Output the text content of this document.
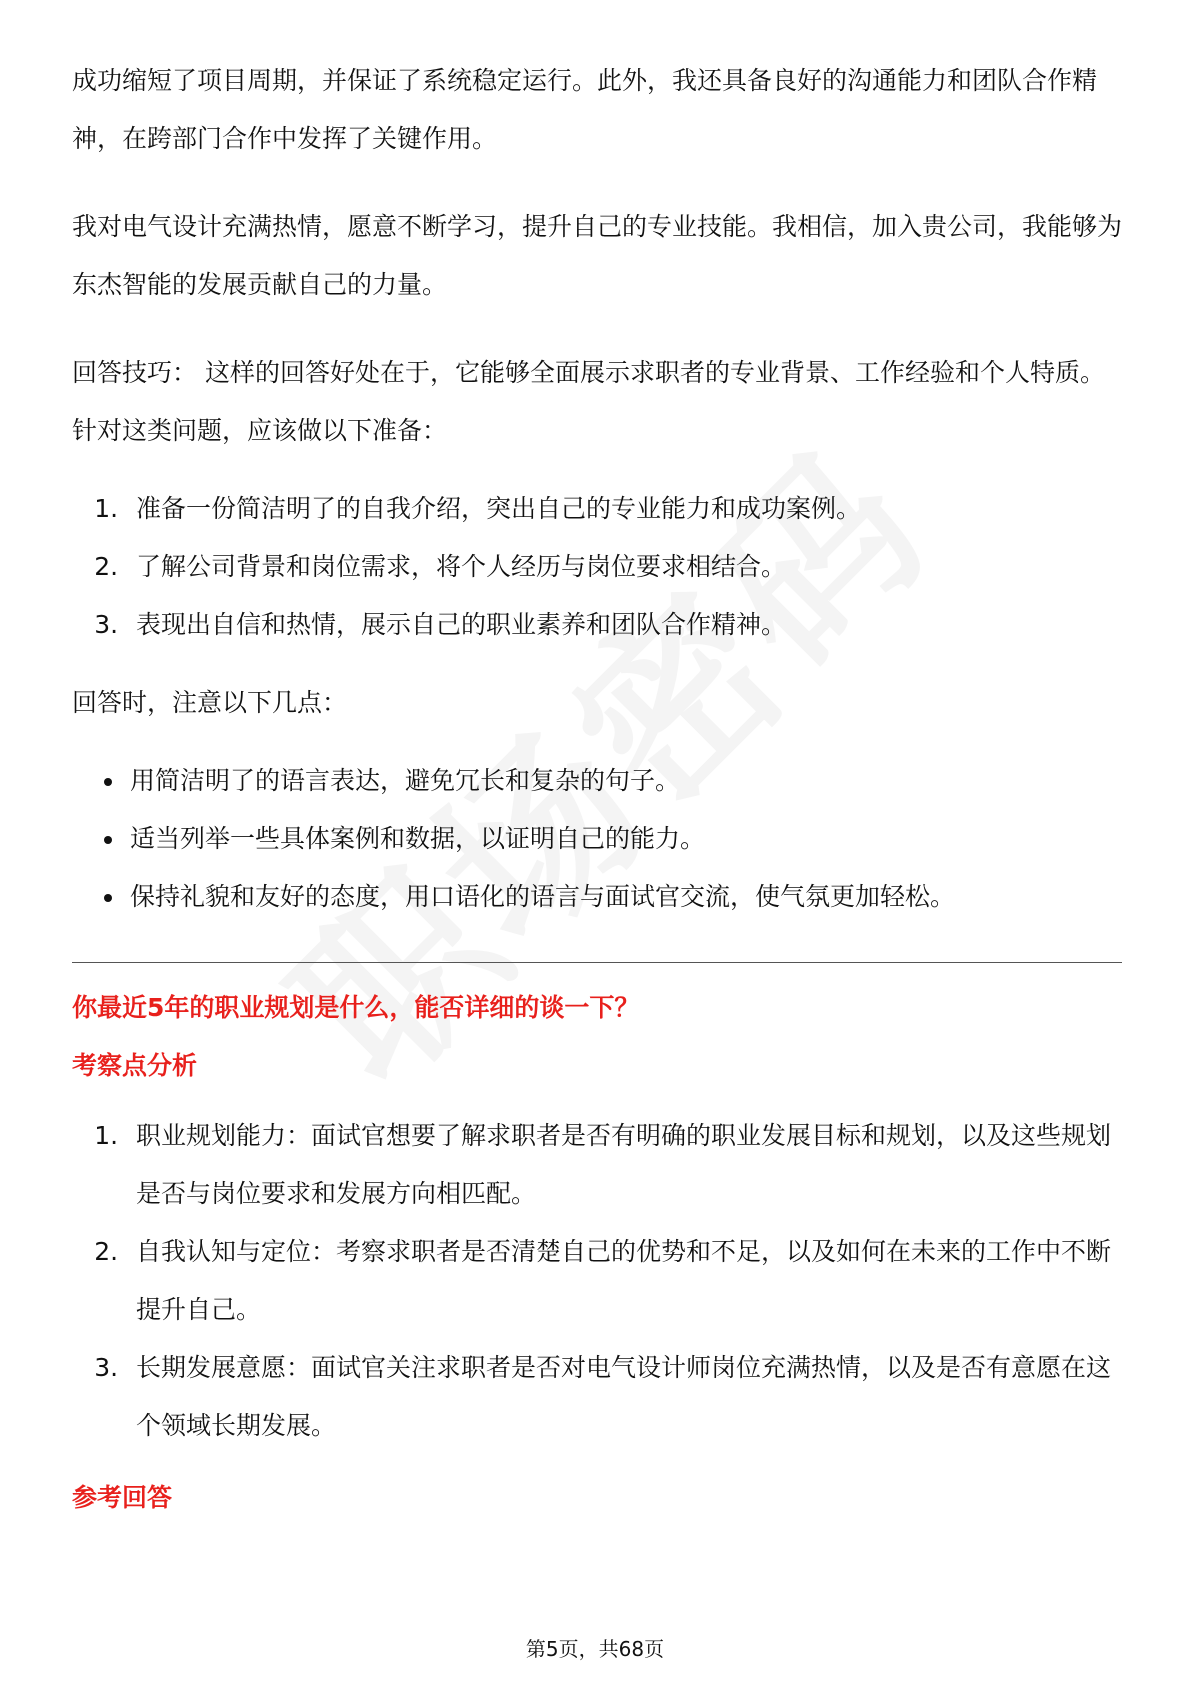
成功缩短了项目周期，并保证了系统稳定运行。此外，我还具备良好的沟通能力和团队合作精神，在跨部门合作中发挥了关键作用。

我对电气设计充满热情，愿意不断学习，提升自己的专业技能。我相信，加入贵公司，我能够为东杰智能的发展贡献自己的力量。

回答技巧： 这样的回答好处在于，它能够全面展示求职者的专业背景、工作经验和个人特质。针对这类问题，应该做以下准备：

1. 准备一份简洁明了的自我介绍，突出自己的专业能力和成功案例。
2. 了解公司背景和岗位需求，将个人经历与岗位要求相结合。
3. 表现出自信和热情，展示自己的职业素养和团队合作精神。

回答时，注意以下几点：

• 用简洁明了的语言表达，避免冗长和复杂的句子。
• 适当列举一些具体案例和数据，以证明自己的能力。
• 保持礼貌和友好的态度，用口语化的语言与面试官交流，使气氛更加轻松。

你最近5年的职业规划是什么，能否详细的谈一下？

考察点分析

1. 职业规划能力：面试官想要了解求职者是否有明确的职业发展目标和规划，以及这些规划是否与岗位要求和发展方向相匹配。
2. 自我认知与定位：考察求职者是否清楚自己的优势和不足，以及如何在未来的工作中不断提升自己。
3. 长期发展意愿：面试官关注求职者是否对电气设计师岗位充满热情，以及是否有意愿在这个领域长期发展。

参考回答

第5页，共68页
